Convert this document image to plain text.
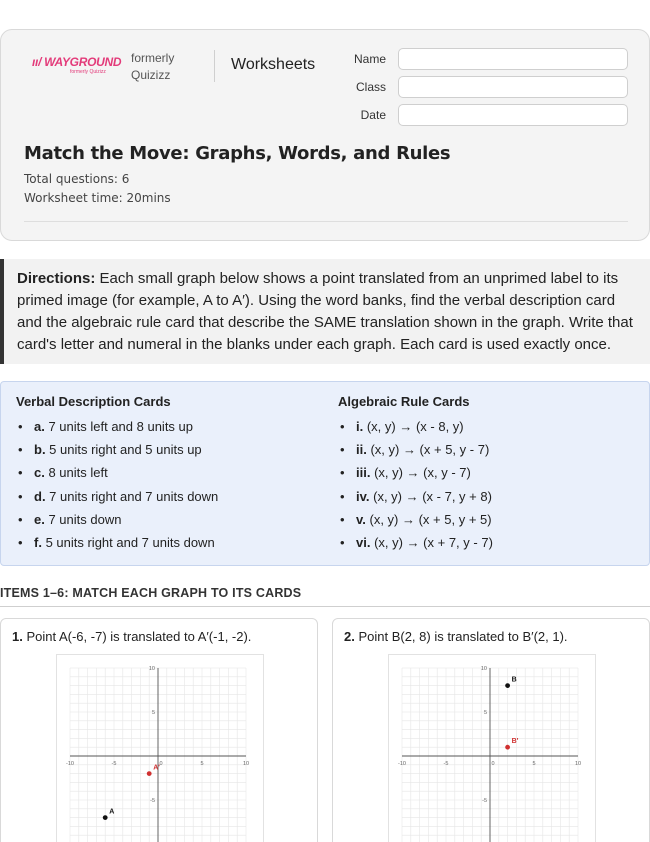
ıı/ WAYGROUND
formerly Quizizz
formerly
Quizizz
Worksheets	Name
Class
Date
Match the Move: Graphs, Words, and Rules
Total questions: 6
Worksheet time: 20mins
Directions: Each small graph below shows a point translated from an unprimed label to its primed image (for example, A to A′). Using the word banks, find the verbal description card and the algebraic rule card that describe the SAME translation shown in the graph. Write that card's letter and numeral in the blanks under each graph. Each card is used exactly once.
Verbal Description Cards
• a. 7 units left and 8 units up
• b. 5 units right and 5 units up
• c. 8 units left
• d. 7 units right and 7 units down
• e. 7 units down
• f. 5 units right and 7 units down
Algebraic Rule Cards
• i. (x, y) → (x - 8, y)
• ii. (x, y) → (x + 5, y - 7)
• iii. (x, y) → (x, y - 7)
• iv. (x, y) → (x - 7, y + 8)
• v. (x, y) → (x + 5, y + 5)
• vi. (x, y) → (x + 7, y - 7)
ITEMS 1–6: MATCH EACH GRAPH TO ITS CARDS
1. Point A(-6, -7) is translated to A′(-1, -2).
-10	-5	0	5	10
10
5
-5
A
A′
2. Point B(2, 8) is translated to B′(2, 1).
-10	-5	0	5	10
10
5
-5
B
B′
